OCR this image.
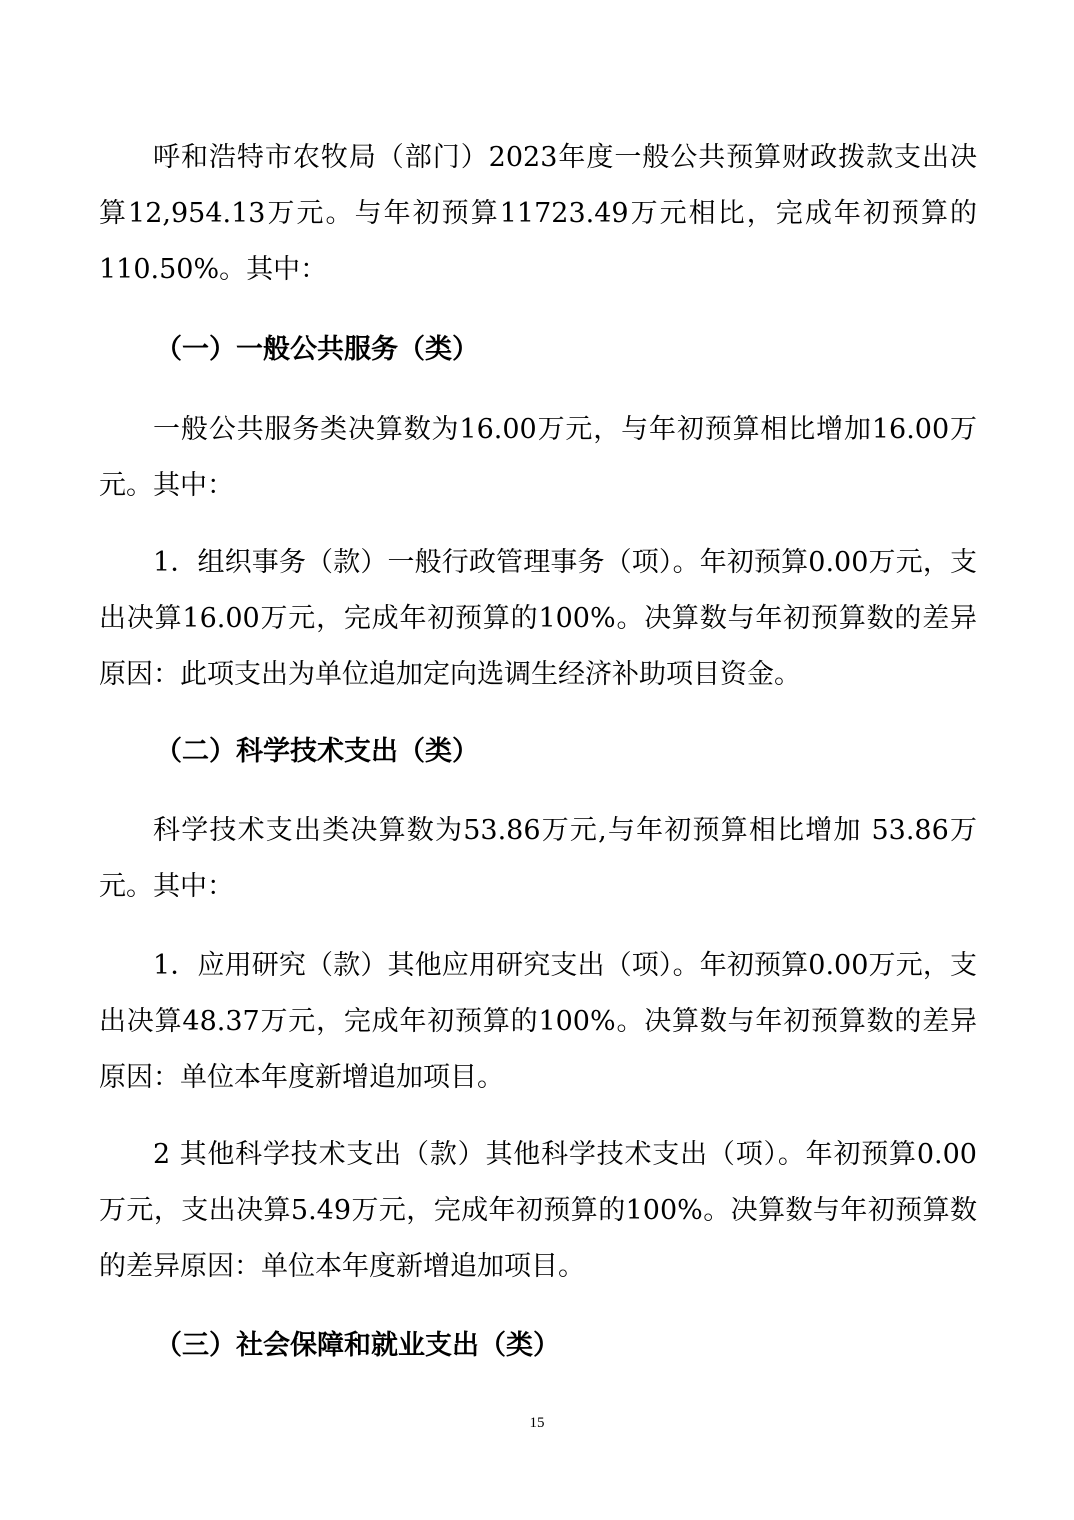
呼和浩特市农牧局（部门）2023年度一般公共预算财政拨款支出决算12,954.13万元。与年初预算11723.49万元相比，完成年初预算的110.50%。其中：

（一）一般公共服务（类）

一般公共服务类决算数为16.00万元，与年初预算相比增加16.00万元。其中：

1．组织事务（款）一般行政管理事务（项）。年初预算0.00万元，支出决算16.00万元，完成年初预算的100%。决算数与年初预算数的差异原因：此项支出为单位追加定向选调生经济补助项目资金。

（二）科学技术支出（类）

科学技术支出类决算数为53.86万元,与年初预算相比增加 53.86万元。其中：

1．应用研究（款）其他应用研究支出（项）。年初预算0.00万元，支出决算48.37万元，完成年初预算的100%。决算数与年初预算数的差异原因：单位本年度新增追加项目。

2 其他科学技术支出（款）其他科学技术支出（项）。年初预算0.00万元，支出决算5.49万元，完成年初预算的100%。决算数与年初预算数的差异原因：单位本年度新增追加项目。

（三）社会保障和就业支出（类）

15
